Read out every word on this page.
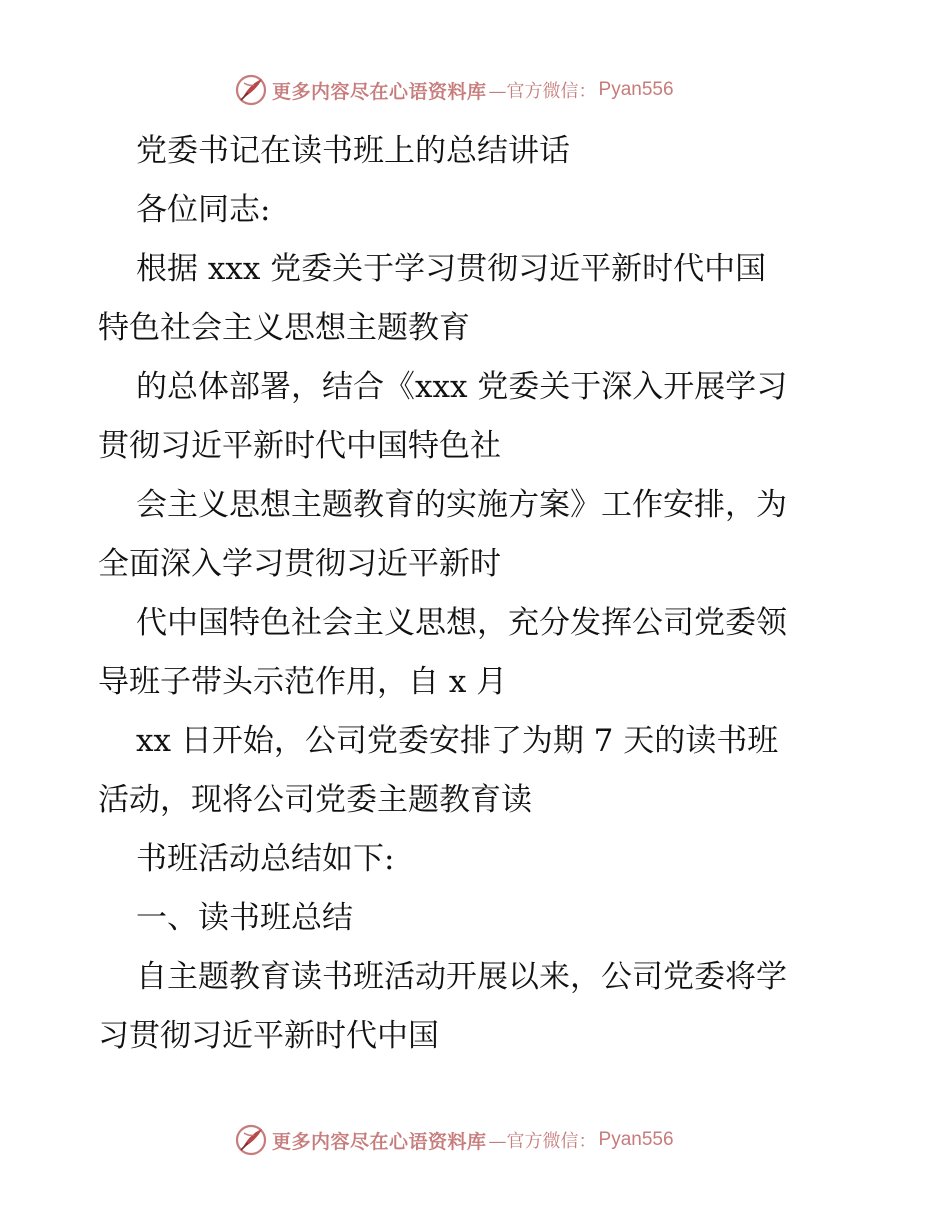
更多内容尽在心语资料库 —官方微信： Pyan556

党委书记在读书班上的总结讲话

各位同志:

根据 xxx 党委关于学习贯彻习近平新时代中国

特色社会主义思想主题教育

的总体部署，结合《xxx 党委关于深入开展学习

贯彻习近平新时代中国特色社

会主义思想主题教育的实施方案》工作安排，为

全面深入学习贯彻习近平新时

代中国特色社会主义思想，充分发挥公司党委领

导班子带头示范作用，自 x 月

xx 日开始，公司党委安排了为期 7 天的读书班

活动，现将公司党委主题教育读

书班活动总结如下:

一、读书班总结

自主题教育读书班活动开展以来，公司党委将学

习贯彻习近平新时代中国

更多内容尽在心语资料库 —官方微信： Pyan556
